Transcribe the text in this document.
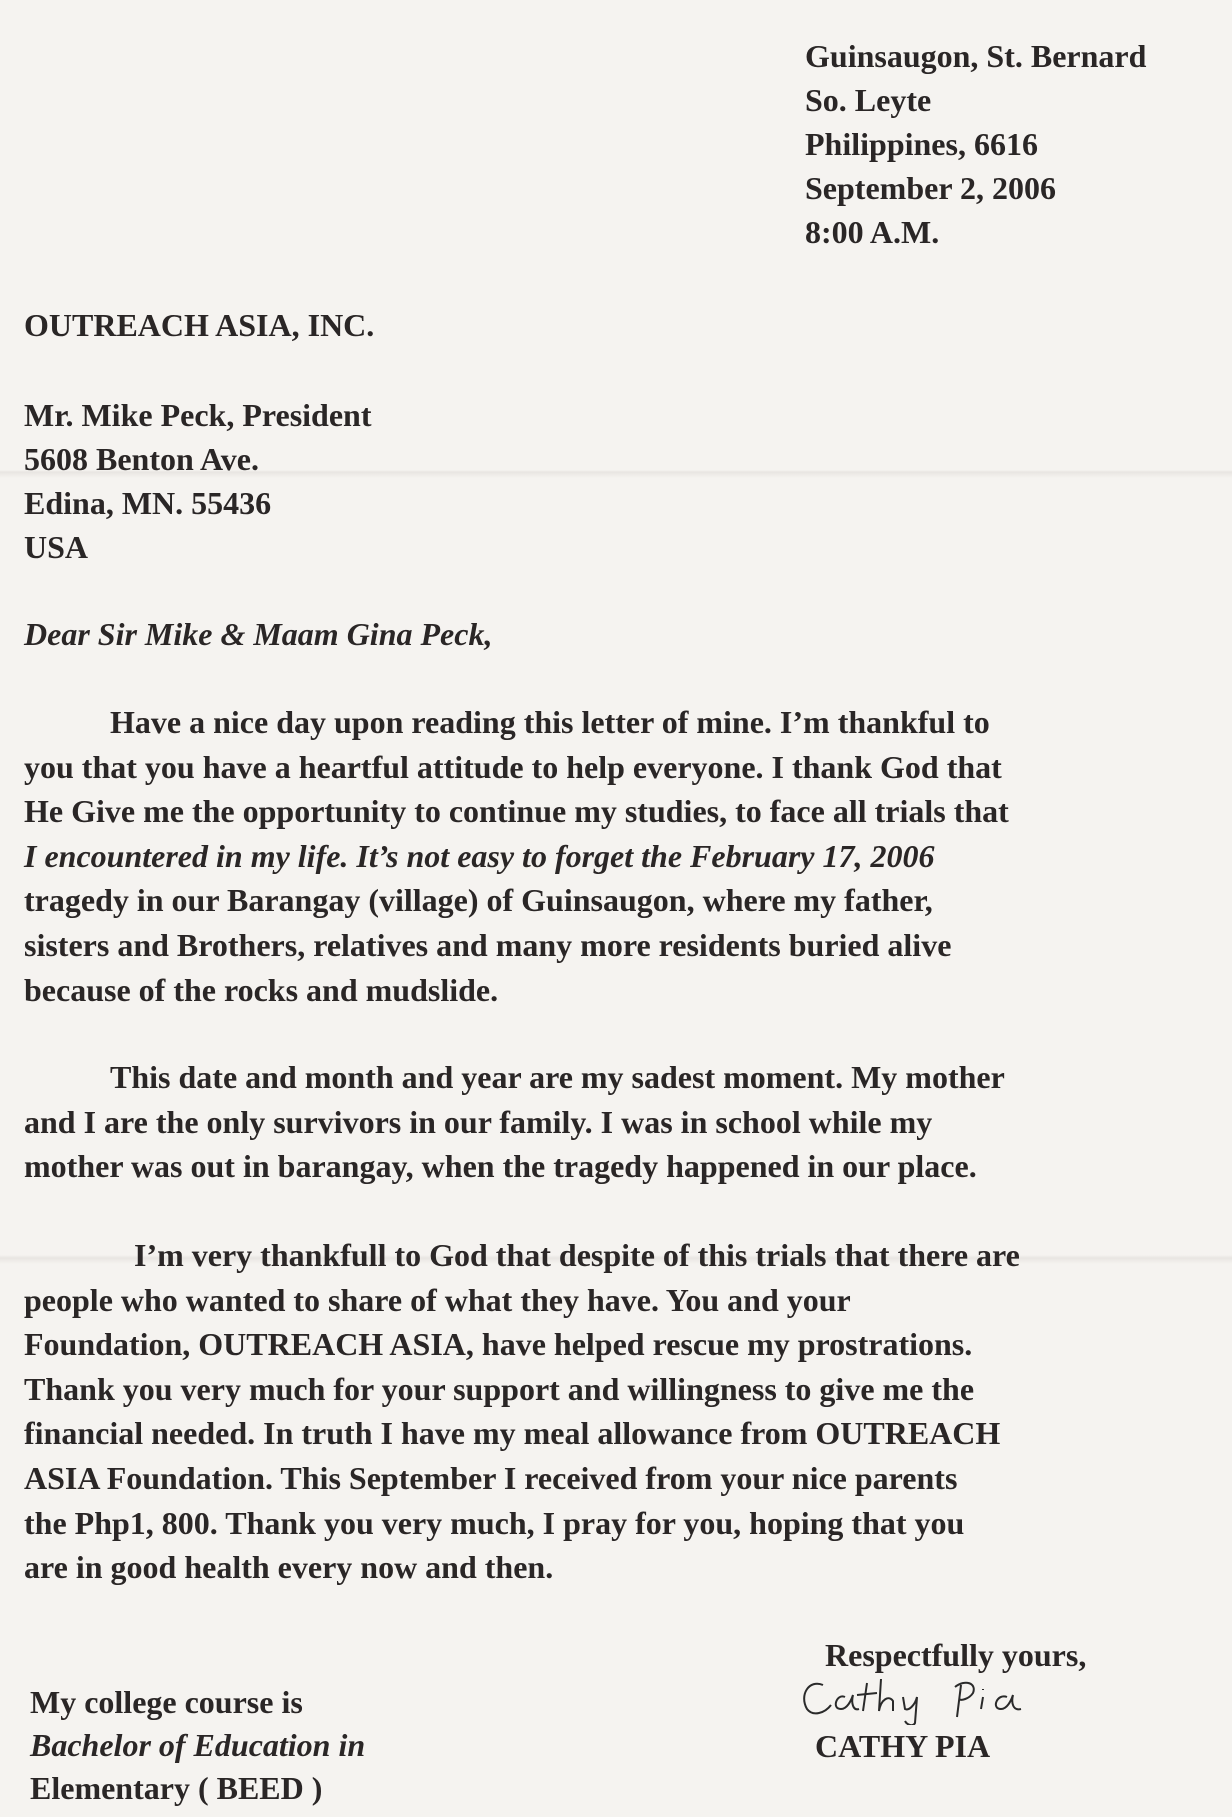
Guinsaugon, St. Bernard
So. Leyte
Philippines, 6616
September 2, 2006
8:00 A.M.
OUTREACH ASIA, INC.
Mr. Mike Peck, President
5608 Benton Ave.
Edina, MN. 55436
USA
Dear Sir Mike & Maam Gina Peck,
Have a nice day upon reading this letter of mine. I’m thankful to
you that you have a heartful attitude to help everyone. I thank God that
He Give me the opportunity to continue my studies, to face all trials that
I encountered in my life. It’s not easy to forget the February 17, 2006
tragedy in our Barangay (village) of Guinsaugon, where my father,
sisters and Brothers, relatives and many more residents buried alive
because of the rocks and mudslide.
This date and month and year are my sadest moment. My mother
and I are the only survivors in our family. I was in school while my
mother was out in barangay, when the tragedy happened in our place.
I’m very thankfull to God that despite of this trials that there are
people who wanted to share of what they have. You and your
Foundation, OUTREACH ASIA, have helped rescue my prostrations.
Thank you very much for your support and willingness to give me the
financial needed. In truth I have my meal allowance from OUTREACH
ASIA Foundation. This September I received from your nice parents
the Php1, 800. Thank you very much, I pray for you, hoping that you
are in good health every now and then.
Respectfully yours,
CATHY PIA
My college course is
Bachelor of Education in
Elementary ( BEED )
